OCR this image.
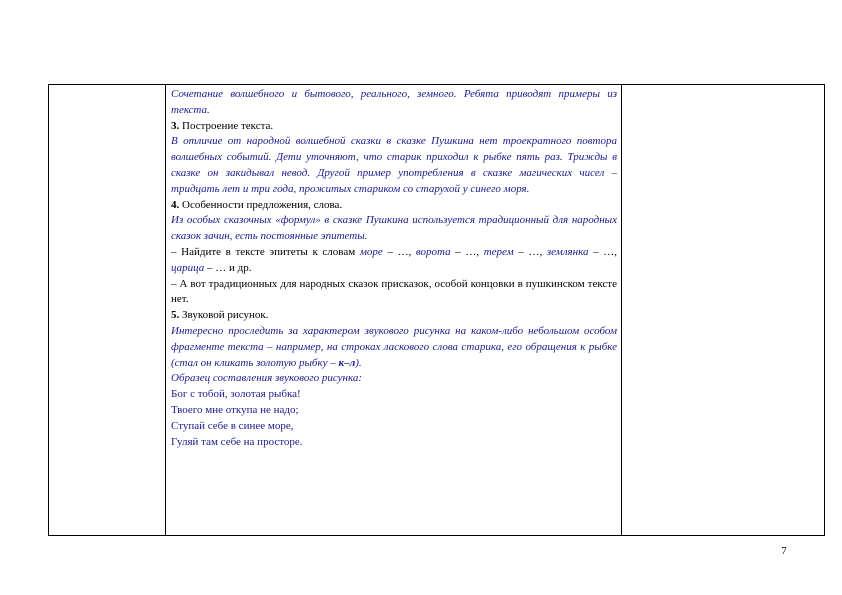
Сочетание волшебного и бытового, реального, земного. Ребята приводят примеры из текста.

3. Построение текста.

В отличие от народной волшебной сказки в сказке Пушкина нет троекратного повтора волшебных событий. Дети уточняют, что старик приходил к рыбке пять раз. Трижды в сказке он закидывал невод. Другой пример употребления в сказке магических чисел – тридцать лет и три года, прожитых стариком со старухой у синего моря.

4. Особенности предложения, слова.

Из особых сказочных «формул» в сказке Пушкина используется традиционный для народных сказок зачин, есть постоянные эпитеты.

– Найдите в тексте эпитеты к словам море – …, ворота – …, терем – …, землянка – …, царица – … и др.

– А вот традиционных для народных сказок присказок, особой концовки в пушкинском тексте нет.

5. Звуковой рисунок.

Интересно проследить за характером звукового рисунка на каком-либо небольшом особом фрагменте текста – например, на строках ласкового слова старика, его обращения к рыбке (стал он кликать золотую рыбку – к–л).

Образец составления звукового рисунка:

Бог с тобой, золотая рыбка!

Твоего мне откупа не надо;

Ступай себе в синее море,

Гуляй там себе на просторе.

7
